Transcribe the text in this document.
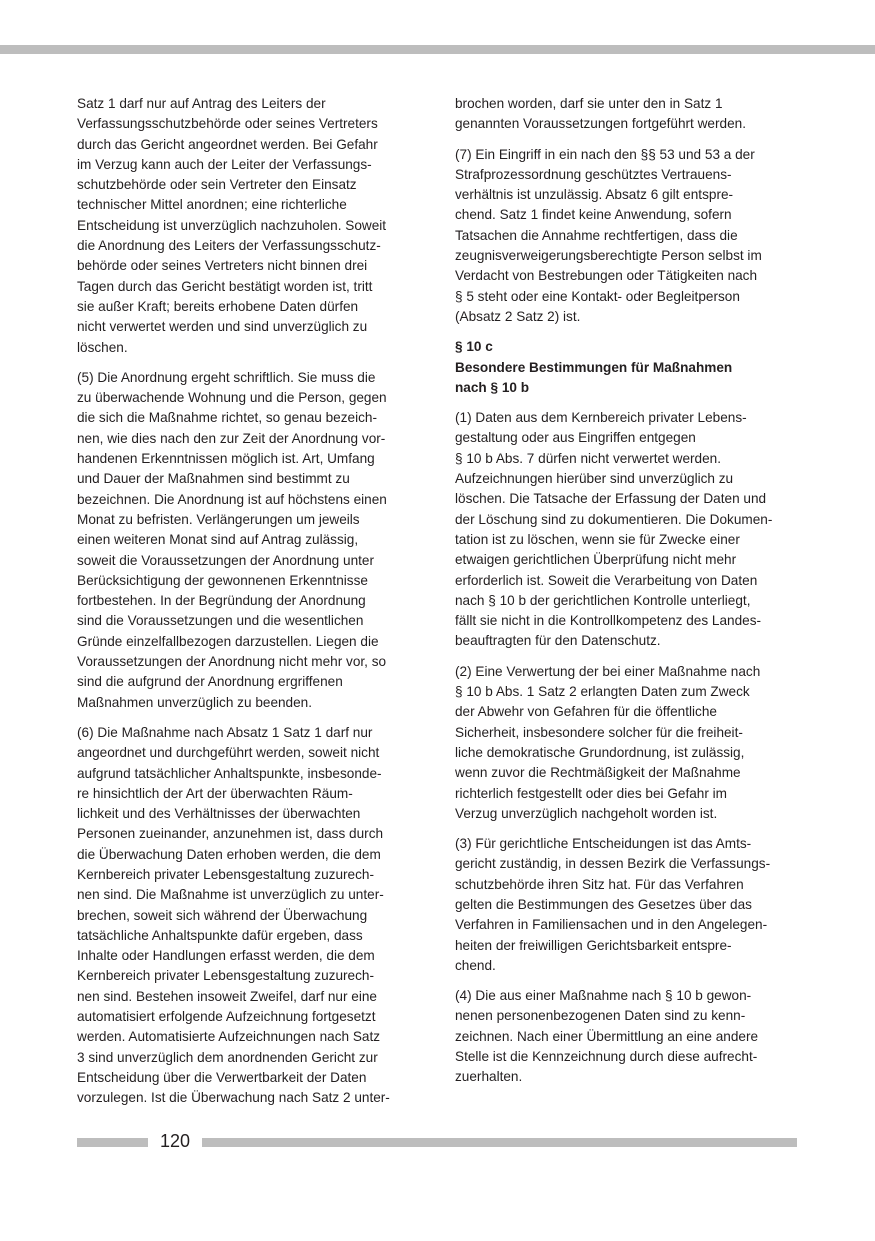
Satz 1 darf nur auf Antrag des Leiters der
Verfassungsschutzbehörde oder seines Vertreters
durch das Gericht angeordnet werden. Bei Gefahr
im Verzug kann auch der Leiter der Verfassungs-
schutzbehörde oder sein Vertreter den Einsatz
technischer Mittel anordnen; eine richterliche
Entscheidung ist unverzüglich nachzuholen. Soweit
die Anordnung des Leiters der Verfassungsschutz-
behörde oder seines Vertreters nicht binnen drei
Tagen durch das Gericht bestätigt worden ist, tritt
sie außer Kraft; bereits erhobene Daten dürfen
nicht verwertet werden und sind unverzüglich zu
löschen.

(5) Die Anordnung ergeht schriftlich. Sie muss die
zu überwachende Wohnung und die Person, gegen
die sich die Maßnahme richtet, so genau bezeich-
nen, wie dies nach den zur Zeit der Anordnung vor-
handenen Erkenntnissen möglich ist. Art, Umfang
und Dauer der Maßnahmen sind bestimmt zu
bezeichnen. Die Anordnung ist auf höchstens einen
Monat zu befristen. Verlängerungen um jeweils
einen weiteren Monat sind auf Antrag zulässig,
soweit die Voraussetzungen der Anordnung unter
Berücksichtigung der gewonnenen Erkenntnisse
fortbestehen. In der Begründung der Anordnung
sind die Voraussetzungen und die wesentlichen
Gründe einzelfallbezogen darzustellen. Liegen die
Voraussetzungen der Anordnung nicht mehr vor, so
sind die aufgrund der Anordnung ergriffenen
Maßnahmen unverzüglich zu beenden.

(6) Die Maßnahme nach Absatz 1 Satz 1 darf nur
angeordnet und durchgeführt werden, soweit nicht
aufgrund tatsächlicher Anhaltspunkte, insbesonde-
re hinsichtlich der Art der überwachten Räum-
lichkeit und des Verhältnisses der überwachten
Personen zueinander, anzunehmen ist, dass durch
die Überwachung Daten erhoben werden, die dem
Kernbereich privater Lebensgestaltung zuzurech-
nen sind. Die Maßnahme ist unverzüglich zu unter-
brechen, soweit sich während der Überwachung
tatsächliche Anhaltspunkte dafür ergeben, dass
Inhalte oder Handlungen erfasst werden, die dem
Kernbereich privater Lebensgestaltung zuzurech-
nen sind. Bestehen insoweit Zweifel, darf nur eine
automatisiert erfolgende Aufzeichnung fortgesetzt
werden. Automatisierte Aufzeichnungen nach Satz
3 sind unverzüglich dem anordnenden Gericht zur
Entscheidung über die Verwertbarkeit der Daten
vorzulegen. Ist die Überwachung nach Satz 2 unter-

brochen worden, darf sie unter den in Satz 1
genannten Voraussetzungen fortgeführt werden.

(7) Ein Eingriff in ein nach den §§ 53 und 53 a der
Strafprozessordnung geschütztes Vertrauens-
verhältnis ist unzulässig. Absatz 6 gilt entspre-
chend. Satz 1 findet keine Anwendung, sofern
Tatsachen die Annahme rechtfertigen, dass die
zeugnisverweigerungsberechtigte Person selbst im
Verdacht von Bestrebungen oder Tätigkeiten nach
§ 5 steht oder eine Kontakt- oder Begleitperson
(Absatz 2 Satz 2) ist.

§ 10 c
Besondere Bestimmungen für Maßnahmen
nach § 10 b

(1) Daten aus dem Kernbereich privater Lebens-
gestaltung oder aus Eingriffen entgegen
§ 10 b Abs. 7 dürfen nicht verwertet werden.
Aufzeichnungen hierüber sind unverzüglich zu
löschen. Die Tatsache der Erfassung der Daten und
der Löschung sind zu dokumentieren. Die Dokumen-
tation ist zu löschen, wenn sie für Zwecke einer
etwaigen gerichtlichen Überprüfung nicht mehr
erforderlich ist. Soweit die Verarbeitung von Daten
nach § 10 b der gerichtlichen Kontrolle unterliegt,
fällt sie nicht in die Kontrollkompetenz des Landes-
beauftragten für den Datenschutz.

(2) Eine Verwertung der bei einer Maßnahme nach
§ 10 b Abs. 1 Satz 2 erlangten Daten zum Zweck
der Abwehr von Gefahren für die öffentliche
Sicherheit, insbesondere solcher für die freiheit-
liche demokratische Grundordnung, ist zulässig,
wenn zuvor die Rechtmäßigkeit der Maßnahme
richterlich festgestellt oder dies bei Gefahr im
Verzug unverzüglich nachgeholt worden ist.

(3) Für gerichtliche Entscheidungen ist das Amts-
gericht zuständig, in dessen Bezirk die Verfassungs-
schutzbehörde ihren Sitz hat. Für das Verfahren
gelten die Bestimmungen des Gesetzes über das
Verfahren in Familiensachen und in den Angelegen-
heiten der freiwilligen Gerichtsbarkeit entspre-
chend.

(4) Die aus einer Maßnahme nach § 10 b gewon-
nenen personenbezogenen Daten sind zu kenn-
zeichnen. Nach einer Übermittlung an eine andere
Stelle ist die Kennzeichnung durch diese aufrecht-
zuerhalten.

120
